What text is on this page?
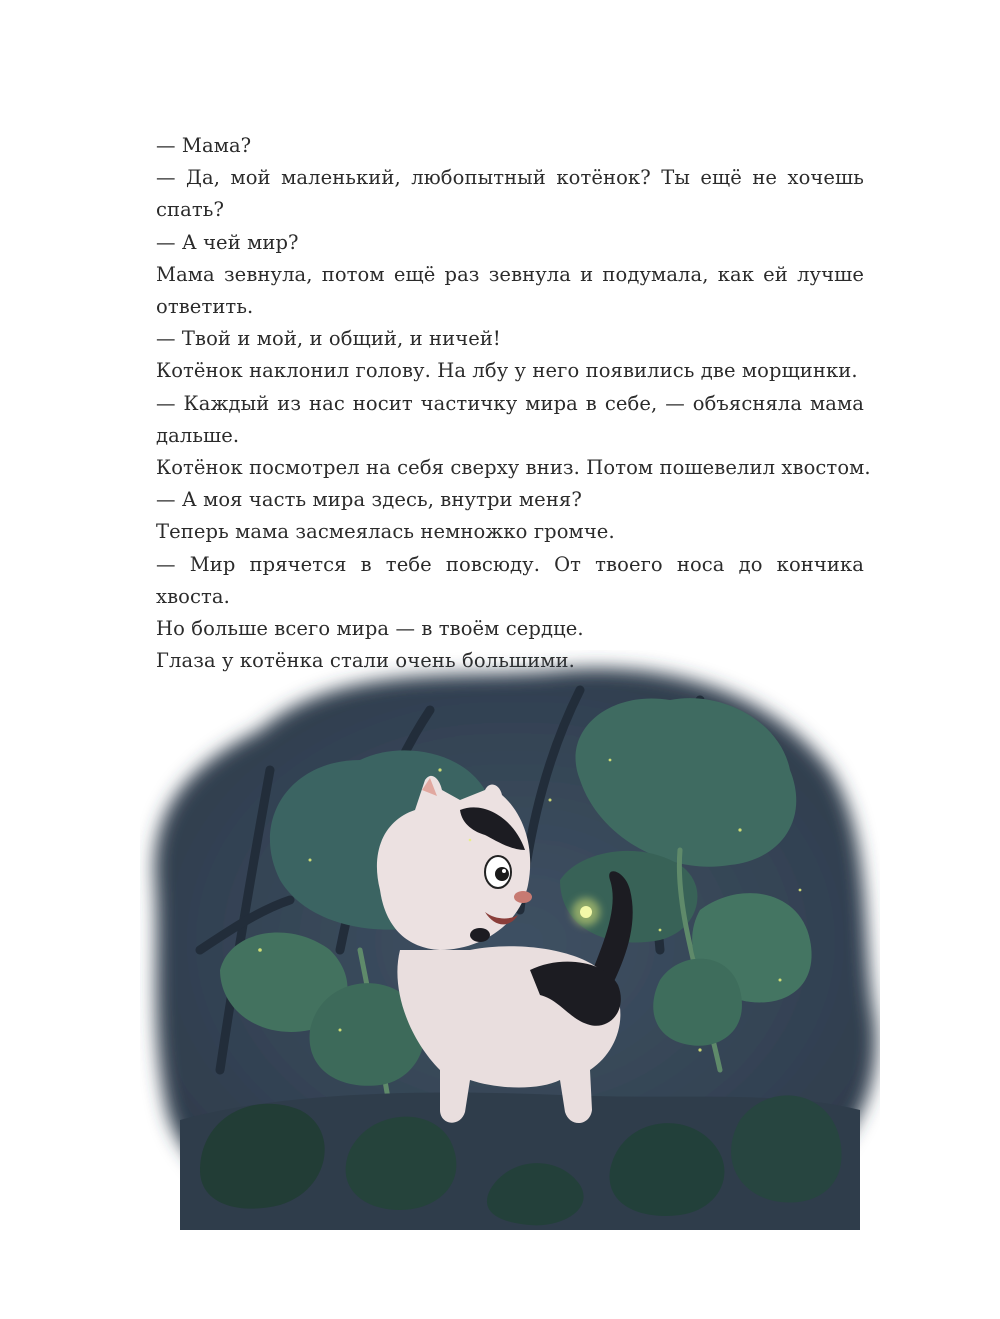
— Мама?
— Да, мой маленький, любопытный котёнок? Ты ещё не хочешь
спать?
— А чей мир?
Мама зевнула, потом ещё раз зевнула и подумала, как ей лучше ответить.
— Твой и мой, и общий, и ничей!
Котёнок наклонил голову. На лбу у него появились две морщинки.
— Каждый из нас носит частичку мира в себе, — объясняла мама дальше.
Котёнок посмотрел на себя сверху вниз. Потом пошевелил хвостом.
— А моя часть мира здесь, внутри меня?
Теперь мама засмеялась немножко громче.
— Мир прячется в тебе повсюду. От твоего носа до кончика хвоста.
Но больше всего мира — в твоём сердце.
Глаза у котёнка стали очень большими.
